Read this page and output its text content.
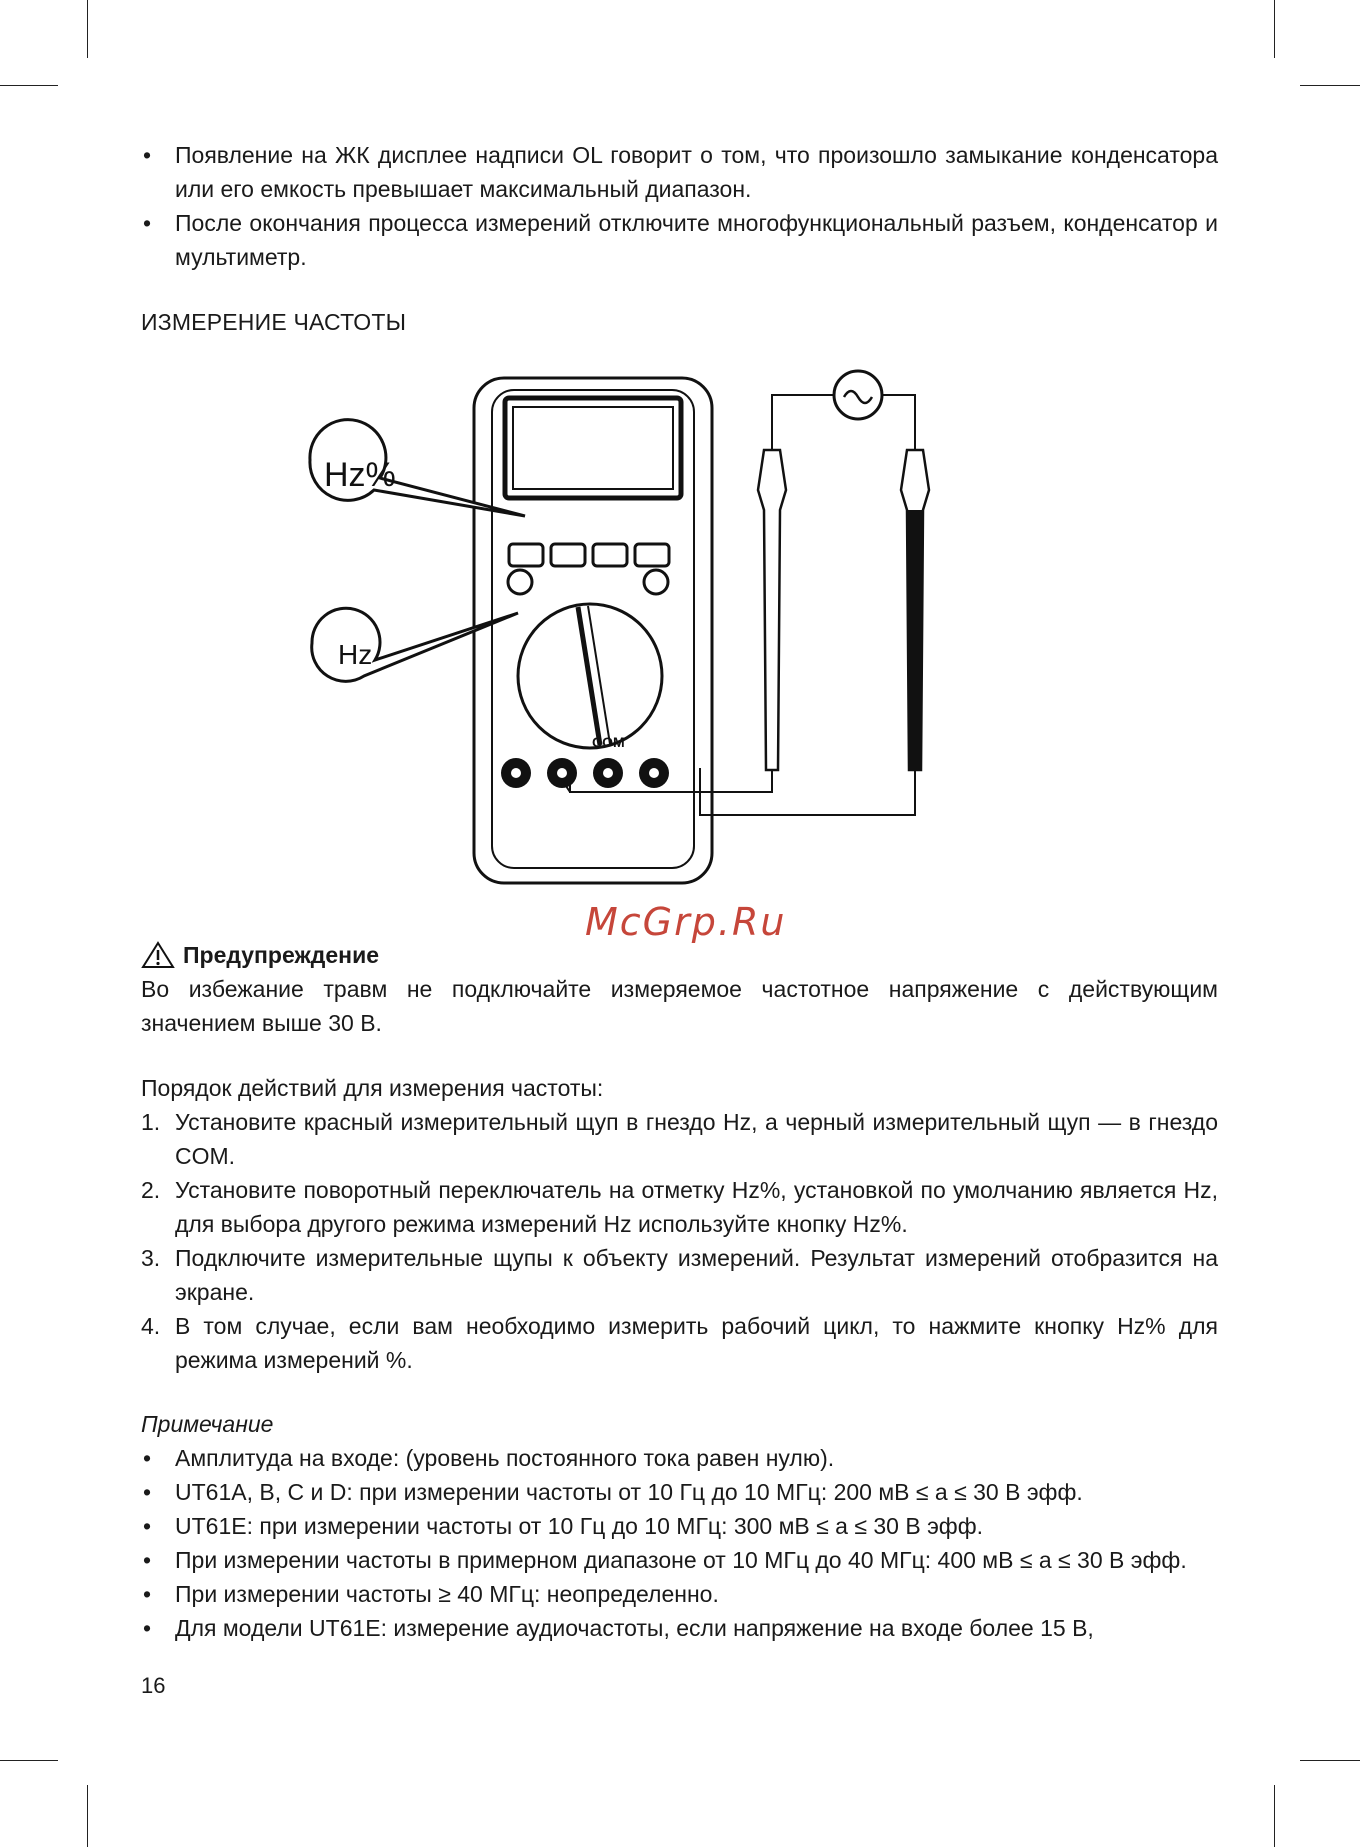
• Появление на ЖК дисплее надписи OL говорит о том, что произошло замыкание конденсатора или его емкость превышает максимальный диапазон.
• После окончания процесса измерений отключите многофункциональный разъем, конденсатор и мультиметр.
ИЗМЕРЕНИЕ ЧАСТОТЫ
COM
Hz%
Hz
McGrp.Ru
Предупреждение
Во избежание травм не подключайте измеряемое частотное напряжение с действующим значением выше 30 В.
Порядок действий для измерения частоты:
1. Установите красный измерительный щуп в гнездо Hz, а черный измерительный щуп — в гнездо COM.
2. Установите поворотный переключатель на отметку Hz%, установкой по умолчанию является Hz, для выбора другого режима измерений Hz используйте кнопку Hz%.
3. Подключите измерительные щупы к объекту измерений. Результат измерений отобразится на экране.
4. В том случае, если вам необходимо измерить рабочий цикл, то нажмите кнопку Hz% для режима измерений %.
Примечание
• Амплитуда на входе: (уровень постоянного тока равен нулю).
• UT61A, B, C и D: при измерении частоты от 10 Гц до 10 МГц: 200 мВ ≤ a ≤ 30 В эфф.
• UT61E: при измерении частоты от 10 Гц до 10 МГц: 300 мВ ≤ a ≤ 30 В эфф.
• При измерении частоты в примерном диапазоне от 10 МГц до 40 МГц: 400 мВ ≤ a ≤ 30 В эфф.
• При измерении частоты ≥ 40 МГц: неопределенно.
• Для модели UT61E: измерение аудиочастоты, если напряжение на входе более 15 В,
16
